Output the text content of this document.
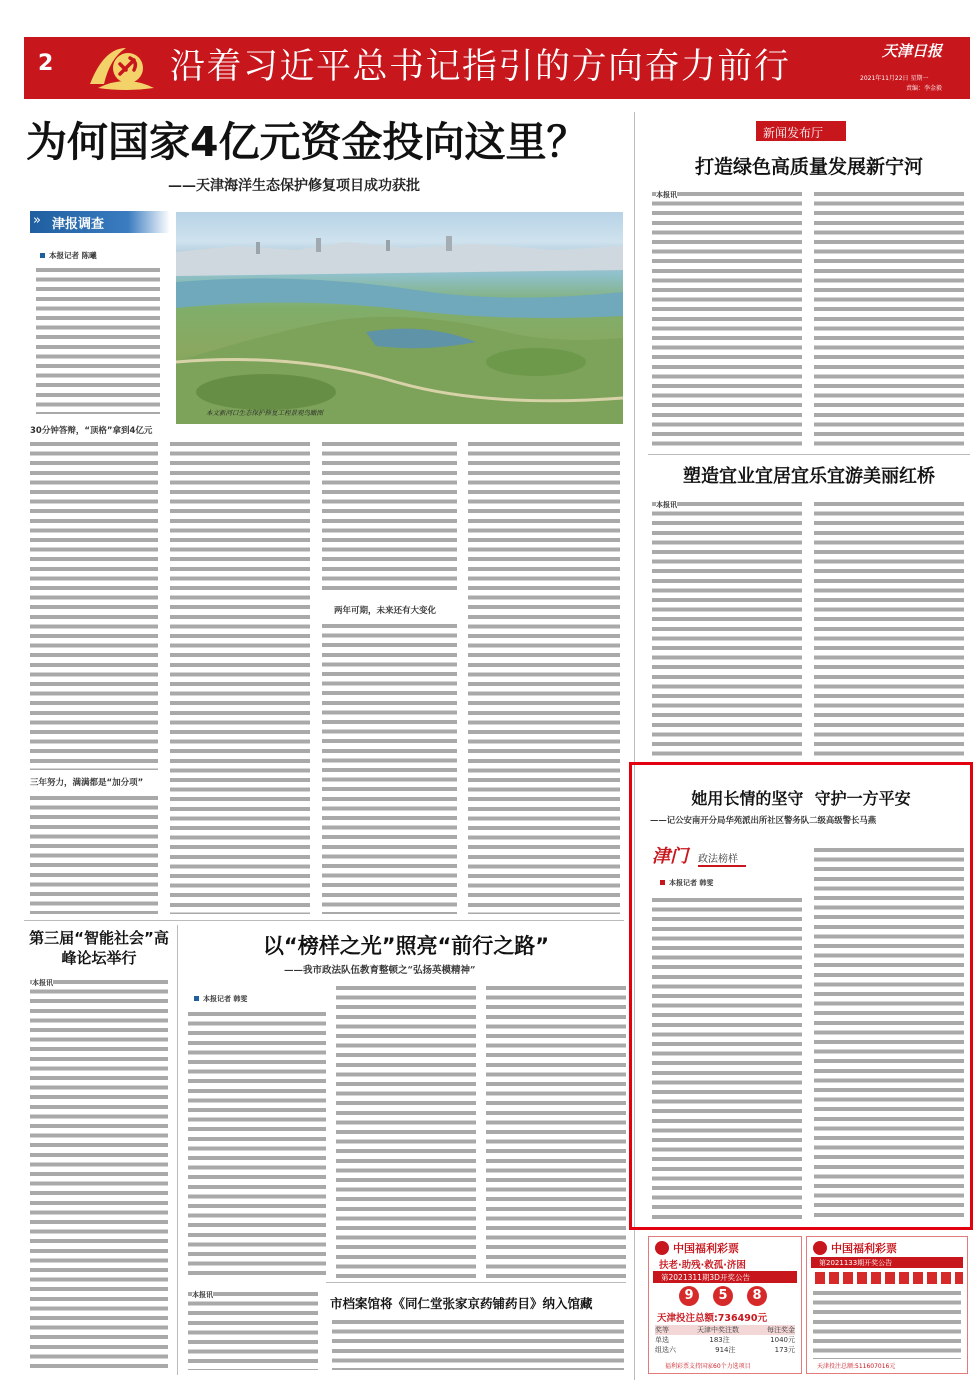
2	沿着习近平总书记指引的方向奋力前行	天津日报
2021年11月22日 星期一
责编：李金毅
为何国家4亿元资金投向这里？
——天津海洋生态保护修复项目成功获批
» 津报调查
本报记者 陈曦
本文新河口生态保护修复工程景观鸟瞰图
30分钟答辩，“顶格”拿到4亿元
三年努力，满满都是“加分项”
两年可期，未来还有大变化
新闻发布厅
打造绿色高质量发展新宁河
本报讯
塑造宜业宜居宜乐宜游美丽红桥
本报讯
她用长情的坚守  守护一方平安
——记公安南开分局华苑派出所社区警务队二级高级警长马燕
津门 政法榜样
本报记者 韩雯
第三届“智能社会”高峰论坛举行
本报讯
以“榜样之光”照亮“前行之路”
——我市政法队伍教育整顿之“弘扬英模精神”
本报记者 韩雯
本报讯
市档案馆将《同仁堂张家京药铺药目》纳入馆藏
中国福利彩票
扶老·助残·救孤·济困
第2021311期3D开奖公告
9	5	8
天津投注总额:736490元
奖等	天津中奖注数	每注奖金
单选	183注	1040元
组选六	914注	173元
福利彩票支持国家60个力选项目
中国福利彩票
第2021133期开奖公告
天津投注总额:511607016元
